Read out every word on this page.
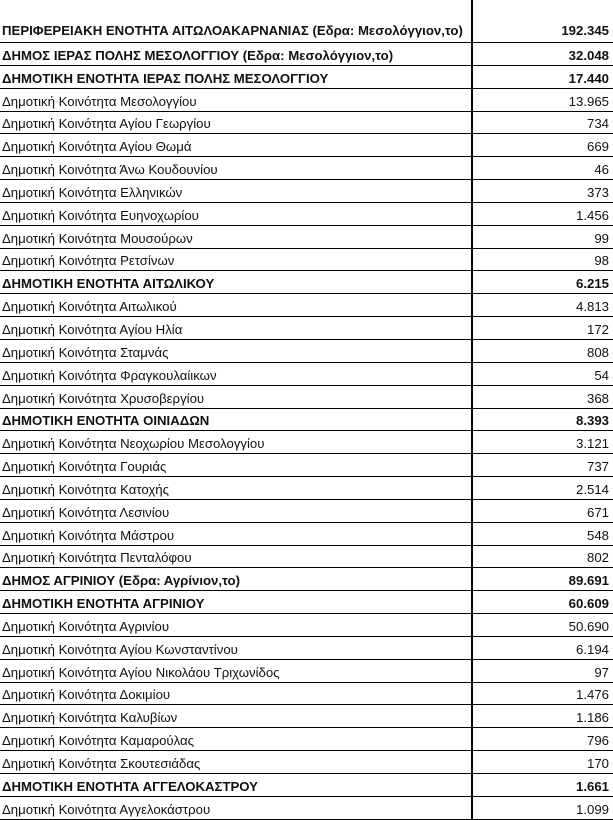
ΠΕΡΙΦΕΡΕΙΑΚΗ ΕΝΟΤΗΤΑ ΑΙΤΩΛΟΑΚΑΡΝΑΝΙΑΣ (Εδρα: Μεσολόγγιον,το)	192.345
ΔΗΜΟΣ ΙΕΡΑΣ ΠΟΛΗΣ ΜΕΣΟΛΟΓΓΙΟΥ (Εδρα: Μεσολόγγιον,το)	32.048
ΔΗΜΟΤΙΚΗ ΕΝΟΤΗΤΑ ΙΕΡΑΣ ΠΟΛΗΣ ΜΕΣΟΛΟΓΓΙΟΥ	17.440
Δημοτική Κοινότητα Μεσολογγίου	13.965
Δημοτική Κοινότητα Αγίου Γεωργίου	734
Δημοτική Κοινότητα Αγίου Θωμά	669
Δημοτική Κοινότητα Άνω Κουδουνίου	46
Δημοτική Κοινότητα Ελληνικών	373
Δημοτική Κοινότητα Ευηνοχωρίου	1.456
Δημοτική Κοινότητα Μουσούρων	99
Δημοτική Κοινότητα Ρετσίνων	98
ΔΗΜΟΤΙΚΗ ΕΝΟΤΗΤΑ ΑΙΤΩΛΙΚΟΥ	6.215
Δημοτική Κοινότητα Αιτωλικού	4.813
Δημοτική Κοινότητα Αγίου Ηλία	172
Δημοτική Κοινότητα Σταμνάς	808
Δημοτική Κοινότητα Φραγκουλαίικων	54
Δημοτική Κοινότητα Χρυσοβεργίου	368
ΔΗΜΟΤΙΚΗ ΕΝΟΤΗΤΑ ΟΙΝΙΑΔΩΝ	8.393
Δημοτική Κοινότητα Νεοχωρίου Μεσολογγίου	3.121
Δημοτική Κοινότητα Γουριάς	737
Δημοτική Κοινότητα Κατοχής	2.514
Δημοτική Κοινότητα Λεσινίου	671
Δημοτική Κοινότητα Μάστρου	548
Δημοτική Κοινότητα Πενταλόφου	802
ΔΗΜΟΣ ΑΓΡΙΝΙΟΥ (Εδρα: Αγρίνιον,το)	89.691
ΔΗΜΟΤΙΚΗ ΕΝΟΤΗΤΑ ΑΓΡΙΝΙΟΥ	60.609
Δημοτική Κοινότητα Αγρινίου	50.690
Δημοτική Κοινότητα Αγίου Κωνσταντίνου	6.194
Δημοτική Κοινότητα Αγίου Νικολάου Τριχωνίδος	97
Δημοτική Κοινότητα Δοκιμίου	1.476
Δημοτική Κοινότητα Καλυβίων	1.186
Δημοτική Κοινότητα Καμαρούλας	796
Δημοτική Κοινότητα Σκουτεσιάδας	170
ΔΗΜΟΤΙΚΗ ΕΝΟΤΗΤΑ ΑΓΓΕΛΟΚΑΣΤΡΟΥ	1.661
Δημοτική Κοινότητα Αγγελοκάστρου	1.099
